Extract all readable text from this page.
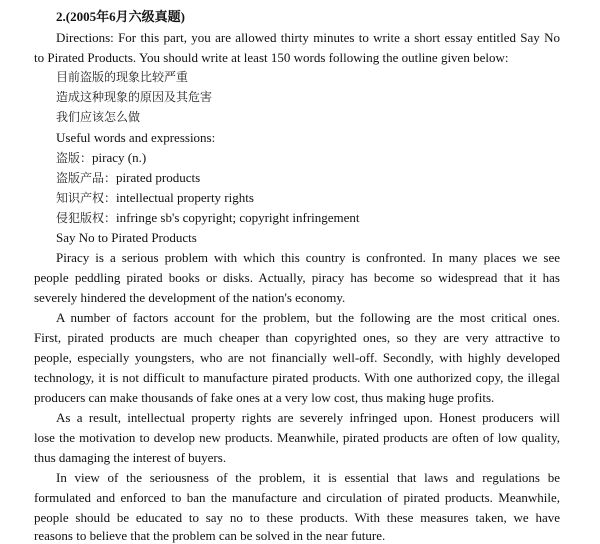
2.(2005年6月六级真题)
Directions: For this part, you are allowed thirty minutes to write a short essay entitled Say No
to Pirated Products. You should write at least 150 words following the outline given below:
目前盗版的现象比较严重
造成这种现象的原因及其危害
我们应该怎么做
Useful words and expressions:
盗版：piracy (n.)
盗版产品：pirated products
知识产权：intellectual property rights
侵犯版权：infringe sb's copyright; copyright infringement
Say No to Pirated Products
Piracy is a serious problem with which this country is confronted. In many places we see
people peddling pirated books or disks. Actually, piracy has become so widespread that it has
severely hindered the development of the nation's economy.
A number of factors account for the problem, but the following are the most critical ones.
First, pirated products are much cheaper than copyrighted ones, so they are very attractive to
people, especially youngsters, who are not financially well-off. Secondly, with highly developed
technology, it is not difficult to manufacture pirated products. With one authorized copy, the illegal
producers can make thousands of fake ones at a very low cost, thus making huge profits.
As a result, intellectual property rights are severely infringed upon. Honest producers will
lose the motivation to develop new products. Meanwhile, pirated products are often of low quality,
thus damaging the interest of buyers.
In view of the seriousness of the problem, it is essential that laws and regulations be
formulated and enforced to ban the manufacture and circulation of pirated products. Meanwhile,
people should be educated to say no to these products. With these measures taken, we have
reasons to believe that the problem can be solved in the near future.
